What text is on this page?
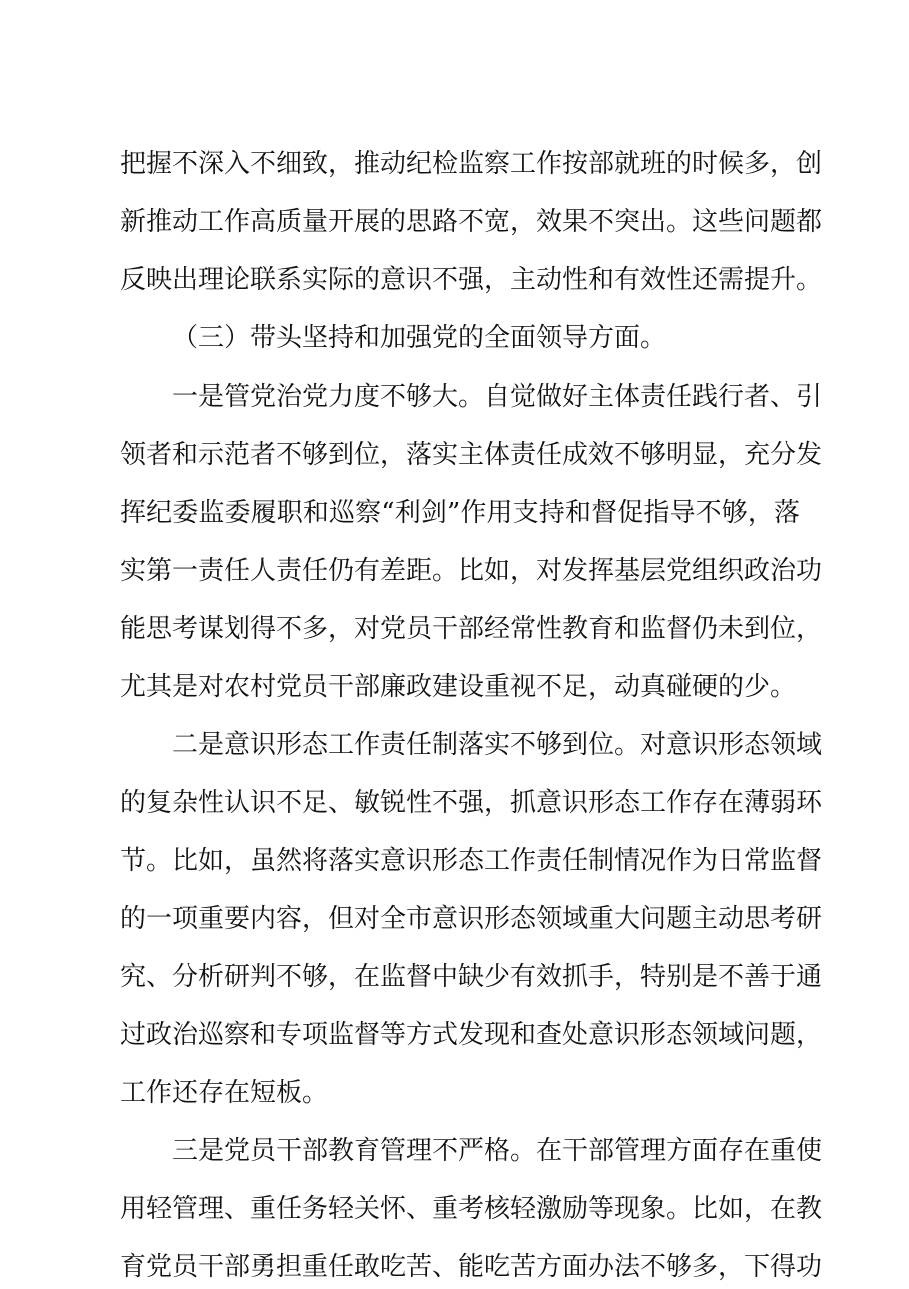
把握不深入不细致，推动纪检监察工作按部就班的时候多，创
新推动工作高质量开展的思路不宽，效果不突出。这些问题都
反映出理论联系实际的意识不强，主动性和有效性还需提升。
（三）带头坚持和加强党的全面领导方面。
一是管党治党力度不够大。自觉做好主体责任践行者、引
领者和示范者不够到位，落实主体责任成效不够明显，充分发
挥纪委监委履职和巡察“利剑”作用支持和督促指导不够，落
实第一责任人责任仍有差距。比如，对发挥基层党组织政治功
能思考谋划得不多，对党员干部经常性教育和监督仍未到位，
尤其是对农村党员干部廉政建设重视不足，动真碰硬的少。
二是意识形态工作责任制落实不够到位。对意识形态领域
的复杂性认识不足、敏锐性不强，抓意识形态工作存在薄弱环
节。比如，虽然将落实意识形态工作责任制情况作为日常监督
的一项重要内容，但对全市意识形态领域重大问题主动思考研
究、分析研判不够，在监督中缺少有效抓手，特别是不善于通
过政治巡察和专项监督等方式发现和查处意识形态领域问题，
工作还存在短板。
三是党员干部教育管理不严格。在干部管理方面存在重使
用轻管理、重任务轻关怀、重考核轻激励等现象。比如，在教
育党员干部勇担重任敢吃苦、能吃苦方面办法不够多，下得功
